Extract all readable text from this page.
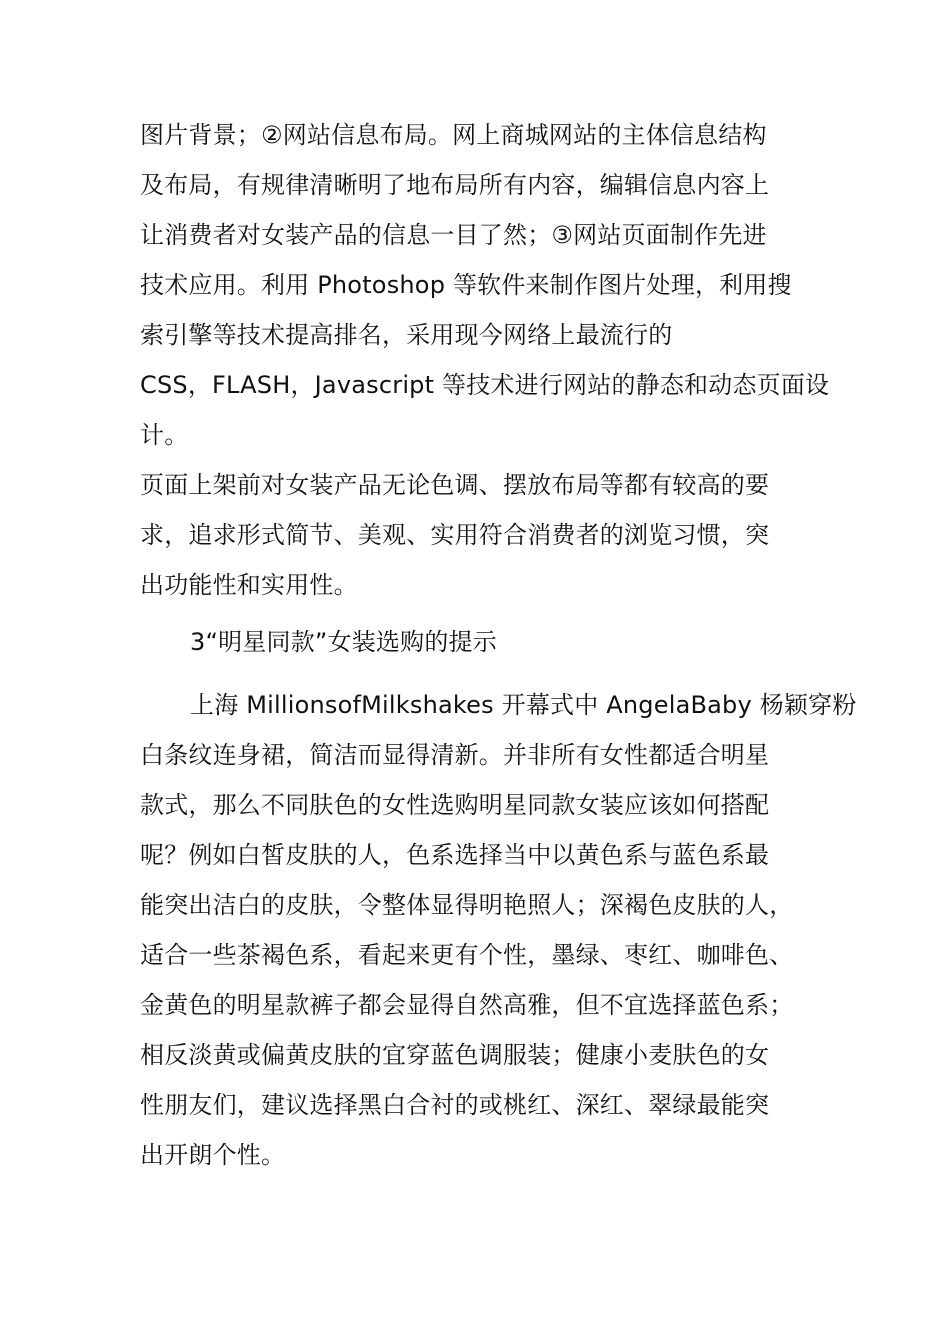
图片背景；②网站信息布局。网上商城网站的主体信息结构
及布局，有规律清晰明了地布局所有内容，编辑信息内容上
让消费者对女装产品的信息一目了然；③网站页面制作先进
技术应用。利用 Photoshop 等软件来制作图片处理，利用搜
索引擎等技术提高排名，采用现今网络上最流行的
CSS，FLASH，Javascript 等技术进行网站的静态和动态页面设
计。
页面上架前对女装产品无论色调、摆放布局等都有较高的要
求，追求形式简节、美观、实用符合消费者的浏览习惯，突
出功能性和实用性。
3“明星同款”女装选购的提示
上海 MillionsofMilkshakes 开幕式中 AngelaBaby 杨颖穿粉
白条纹连身裙，简洁而显得清新。并非所有女性都适合明星
款式，那么不同肤色的女性选购明星同款女装应该如何搭配
呢？例如白皙皮肤的人，色系选择当中以黄色系与蓝色系最
能突出洁白的皮肤，令整体显得明艳照人；深褐色皮肤的人，
适合一些茶褐色系，看起来更有个性，墨绿、枣红、咖啡色、
金黄色的明星款裤子都会显得自然高雅，但不宜选择蓝色系；
相反淡黄或偏黄皮肤的宜穿蓝色调服装；健康小麦肤色的女
性朋友们，建议选择黑白合衬的或桃红、深红、翠绿最能突
出开朗个性。
